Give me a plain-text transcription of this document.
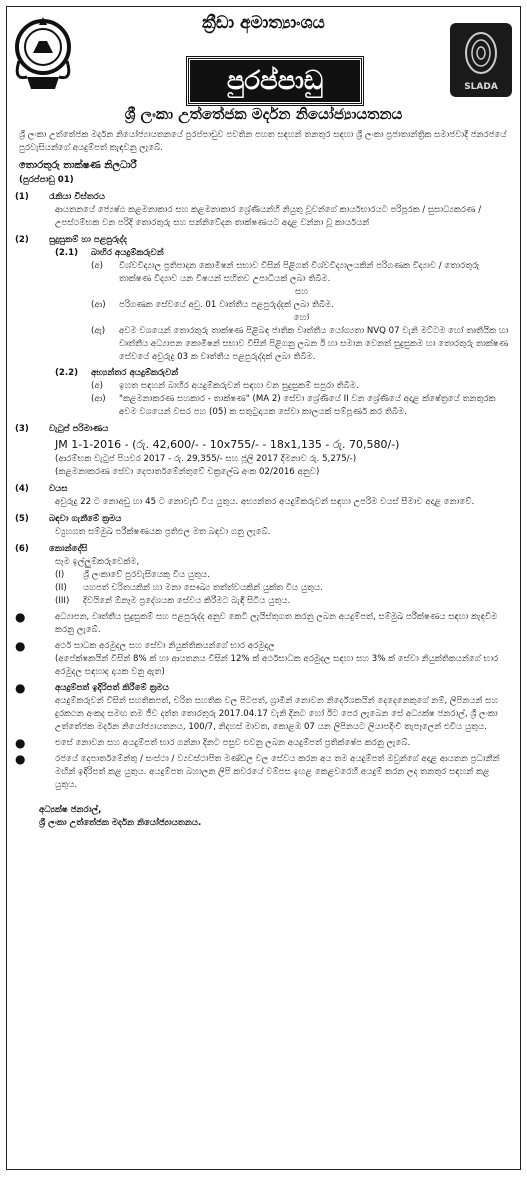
ක්‍රීඩා අමාත්‍යාංශය
පුරප්පාඩු	SLADA
ශ්‍රී ලංකා උත්තේජක මර්දන නියෝජ්‍යායතනය
ශ්‍රී ලංකා උත්තේජක මර්දන නියෝජ්‍යායතනයේ පුරප්පාඩුව පවතින පහත සඳහන් තනතුර සඳහා ශ්‍රී ලංකා ප්‍රජාතාන්ත්‍රික සමාජවාදී ජනරජයේ පුරවැසියන්ගේ අයදුම්පත් කැඳවනු ලැබේ.
තොරතුරු තාක්ෂණ නිලධාරී
(පුරප්පාඩු 01)
(1)	රැකියා විස්තරය
ආයතනයේ ජ්‍යෙෂ්ඨ කළමනාකාර සහ කළමනාකාර ශ්‍රේණියන්හි නියුතු වූවන්ගේ කාර්යභාරයට පරිපූරක / සුසාධ්‍යකරණ / උපස්ථම්භක වන පරිදි තොරතුරු සහ සන්නිවේදන තාක්ෂණයට අදාළ වන්නා වූ කාර්යයන්
(2)	සුදුසුකම් හා පළපුරුද්ද
(2.1)	බාහිර අයදුම්කරුවන්
(අ)	විශ්වවිද්‍යාල ප්‍රතිපාදන කොමිෂන් සභාව විසින් පිළිගත් විශ්වවිද්‍යාලයකින් පරිගණක විද්‍යාව / තොරතුරු තාක්ෂණ විද්‍යාව යන විෂයන් සහිතව උපාධියක් ලබා තිබීම.
සහ
(ආ)	පරිගණක සේවයේ අවු. 01 වෘත්තීය පළපුරුද්දක් ලබා තිබීම.
හෝ
(ඇ)	අවම වශයෙන් තොරතුරු තාක්ෂණ පිළිබඳ ජාතික වෘත්තීය යෝග්‍යතා NVQ 07 වැනි මට්ටම හෝ තෘතීයික හා වෘත්තීය අධ්‍යාපන කොමිෂන් සභාව විසින් පිළිගනු ලබන ඊ හා සමාන වෙනත් සුදුසුකම හා තොරතුරු තාක්ෂණ සේවයේ අවුරුදු 03 ක වෘත්තීය පළපුරුද්දක් ලබා තිබීම.
(2.2)	අභ්‍යන්තර අයදුම්කරුවන්
(අ)	ඉහත සඳහන් බාහිර අයදුම්කරුවන් සඳහා වන සුදුසුකම් සපුරා තිබීම.
(ආ)	"කළමනාකරණ සහකාර - තාක්ෂණ" (MA 2) සේවා ශ්‍රේණියේ II වන ශ්‍රේණියේ අදාළ ක්ෂේත්‍රයේ තනතුරක අවම වශයෙන් වසර පහ (05) ක සතුටුදායක සේවා කාලයක් සම්පූර්ණ කර තිබීම.
(3)	වැටුප් පරිමාණය
JM 1-1-2016 - (රු. 42,600/- - 10x755/- - 18x1,135 - රු. 70,580/-)
(ආරම්භක වැටුප් පියවර 2017 - රු. 29,355/- සහ ජූලි 2017 දීමනාව රු. 5,275/-)
(කළමනාකරණ සේවා දෙපාර්තමේන්තුවේ චක්‍රලේඛ අංක 02/2016 අනුව)
(4)	වයස
අවුරුදු 22 ට නොඅඩු හා 45 ට නොවැඩි විය යුතුය. අභ්‍යන්තර අයදුම්කරුවන් සඳහා උපරිම වයස් සීමාව අදාළ නොවේ.
(5)	බඳවා ගැනීමේ ක්‍රමය
ව්‍යුහගත සම්මුඛ පරීක්ෂණයක ප්‍රතිඵල මත බඳවා ගනු ලැබේ.
(6)	කොන්දේසි
සෑම ඉල්ලුම්කරුවෙක්ම,
(I)	ශ්‍රී ලංකාවේ පුරවැසියෙකු විය යුතුය.
(II)	යහපත් චරිතයකින් හා මනා සෞඛ්‍ය තත්ත්වයකින් යුක්ත විය යුතුය.
(III)	දිවයිනේ ඕනෑම ප්‍රදේශයක සේවය කිරීමට බැඳී සිටිය යුතුය.
●	අධ්‍යාපන, වෘත්තීය සුදුසුකම් සහ පළපුරුද්ද අනුව කෙටි ලැයිස්තුගත කරනු ලබන අයදුම්පත්, සම්මුඛ පරීක්ෂණය සඳහා කැඳවීම කරනු ලැබේ.
●	අර්ථ සාධක අරමුදල සහ සේවා නියුක්තිකයන්ගේ භාර අරමුදල
(අපේක්ෂකයින් විසින් 8% ක් හා ආයතනය විසින් 12% ක් අර්ථසාධක අරමුදල සඳහා සහ 3% ක් සේවා නියුක්තිකයන්ගේ භාර අරමුදල සඳහාද දායක වනු ඇත)
●	අයදුම්පත් ඉදිරිපත් කිරීමේ ක්‍රමය
අයදුම්කරුවන් විසින් සහතිකපත්, චරිත සහතික වල පිටපත්, ග්‍රාමීන් නොවන නිර්දේශකයින් දෙදෙනෙකුගේ නම්, ලිපිනයන් සහ දුරකථන අංකද සමඟ තම ජීව දත්ත තොරතුරු 2017.04.17 වැනි දිනට හෝ ඊට පෙර ලැබෙන සේ අධ්‍යක්ෂ ජනරාල්, ශ්‍රී ලංකා උත්තේජක මර්දන නියෝජ්‍යායතනය, 100/7, නිදහස් මාවත, කොළඹ 07 යන ලිපිනයට ලියාපදිංචි තැපෑලෙන් එවිය යුතුය.
●	එසේ නොවන සහ අයදුම්පත් භාර ගන්නා දිනට පසුව එවනු ලබන අයදුම්පත් ප්‍රතික්ෂේප කරනු ලැබේ.
●	රජයේ දෙපාර්තමේන්තු / සංස්ථා / ව්‍යවස්ථාපිත මණ්ඩල වල සේවය කරන අය තම අයදුම්පත් ඔවුන්ගේ අදාළ ආයතන ප්‍රධානීන් මඟින් ඉදිරිපත් කළ යුතුය. අයදුම්පත බහාලන ලිපි කවරයේ වම්පස ඉහළ කෙළවරෙහි අයදුම් කරන ලද තනතුර සඳහන් කළ යුතුය.
අධ්‍යක්ෂ ජනරාල්,
ශ්‍රී ලංකා උත්තේජක මර්දන නියෝජ්‍යායතනය.
